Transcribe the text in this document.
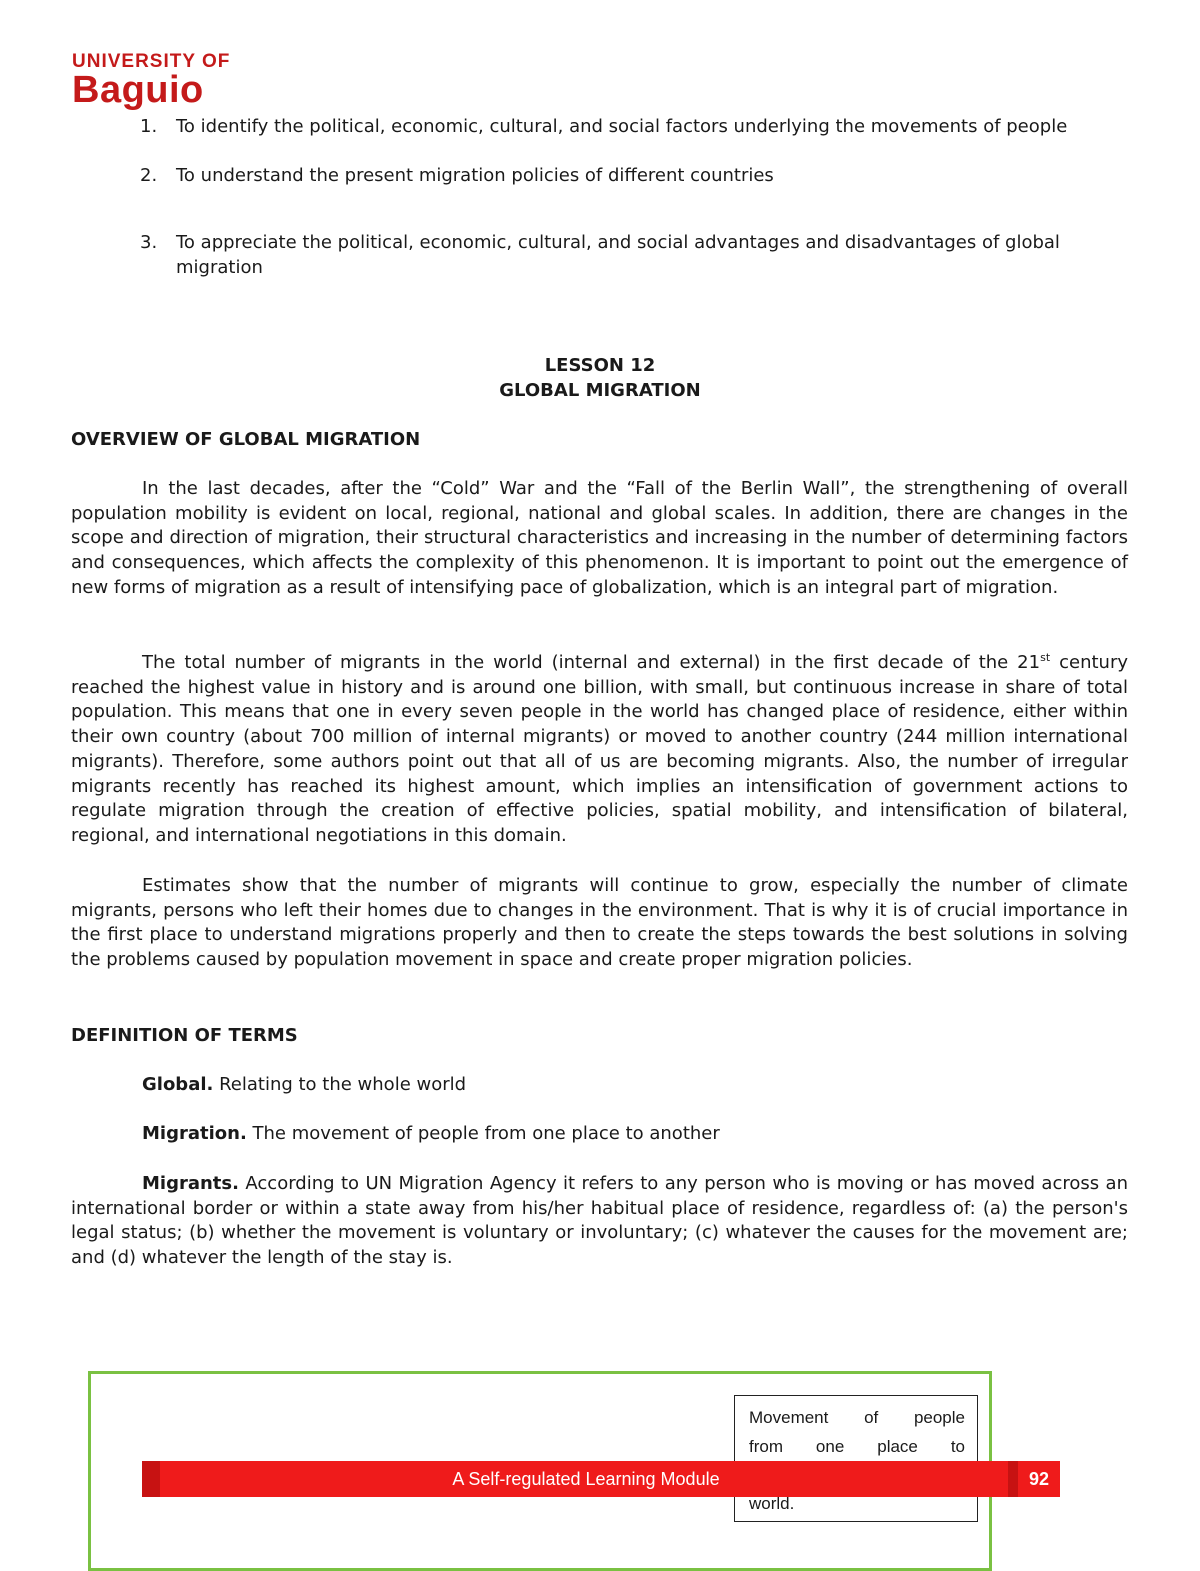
UNIVERSITY OF
Baguio
1.	To identify the political, economic, cultural, and social factors underlying the movements of people
2.	To understand the present migration policies of different countries
3.	To appreciate the political, economic, cultural, and social advantages and disadvantages of global migration
LESSON 12
GLOBAL MIGRATION
OVERVIEW OF GLOBAL MIGRATION

In the last decades, after the “Cold” War and the “Fall of the Berlin Wall”, the strengthening of overall population mobility is evident on local, regional, national and global scales. In addition, there are changes in the scope and direction of migration, their structural characteristics and increasing in the number of determining factors and consequences, which affects the complexity of this phenomenon. It is important to point out the emergence of new forms of migration as a result of intensifying pace of globalization, which is an integral part of migration.

The total number of migrants in the world (internal and external) in the first decade of the 21st century reached the highest value in history and is around one billion, with small, but continuous increase in share of total population. This means that one in every seven people in the world has changed place of residence, either within their own country (about 700 million of internal migrants) or moved to another country (244 million international migrants). Therefore, some authors point out that all of us are becoming migrants. Also, the number of irregular migrants recently has reached its highest amount, which implies an intensification of government actions to regulate migration through the creation of effective policies, spatial mobility, and intensification of bilateral, regional, and international negotiations in this domain.

Estimates show that the number of migrants will continue to grow, especially the number of climate migrants, persons who left their homes due to changes in the environment. That is why it is of crucial importance in the first place to understand migrations properly and then to create the steps towards the best solutions in solving the problems caused by population movement in space and create proper migration policies.

DEFINITION OF TERMS
Global. Relating to the whole world
Migration. The movement of people from one place to another

Migrants. According to UN Migration Agency it refers to any person who is moving or has moved across an international border or within a state away from his/her habitual place of residence, regardless of: (a) the person's legal status; (b) whether the movement is voluntary or involuntary; (c) whatever the causes for the movement are; and (d) whatever the length of the stay is.

Movement of people
from one place to
A Self-regulated Learning Module	92
world.
